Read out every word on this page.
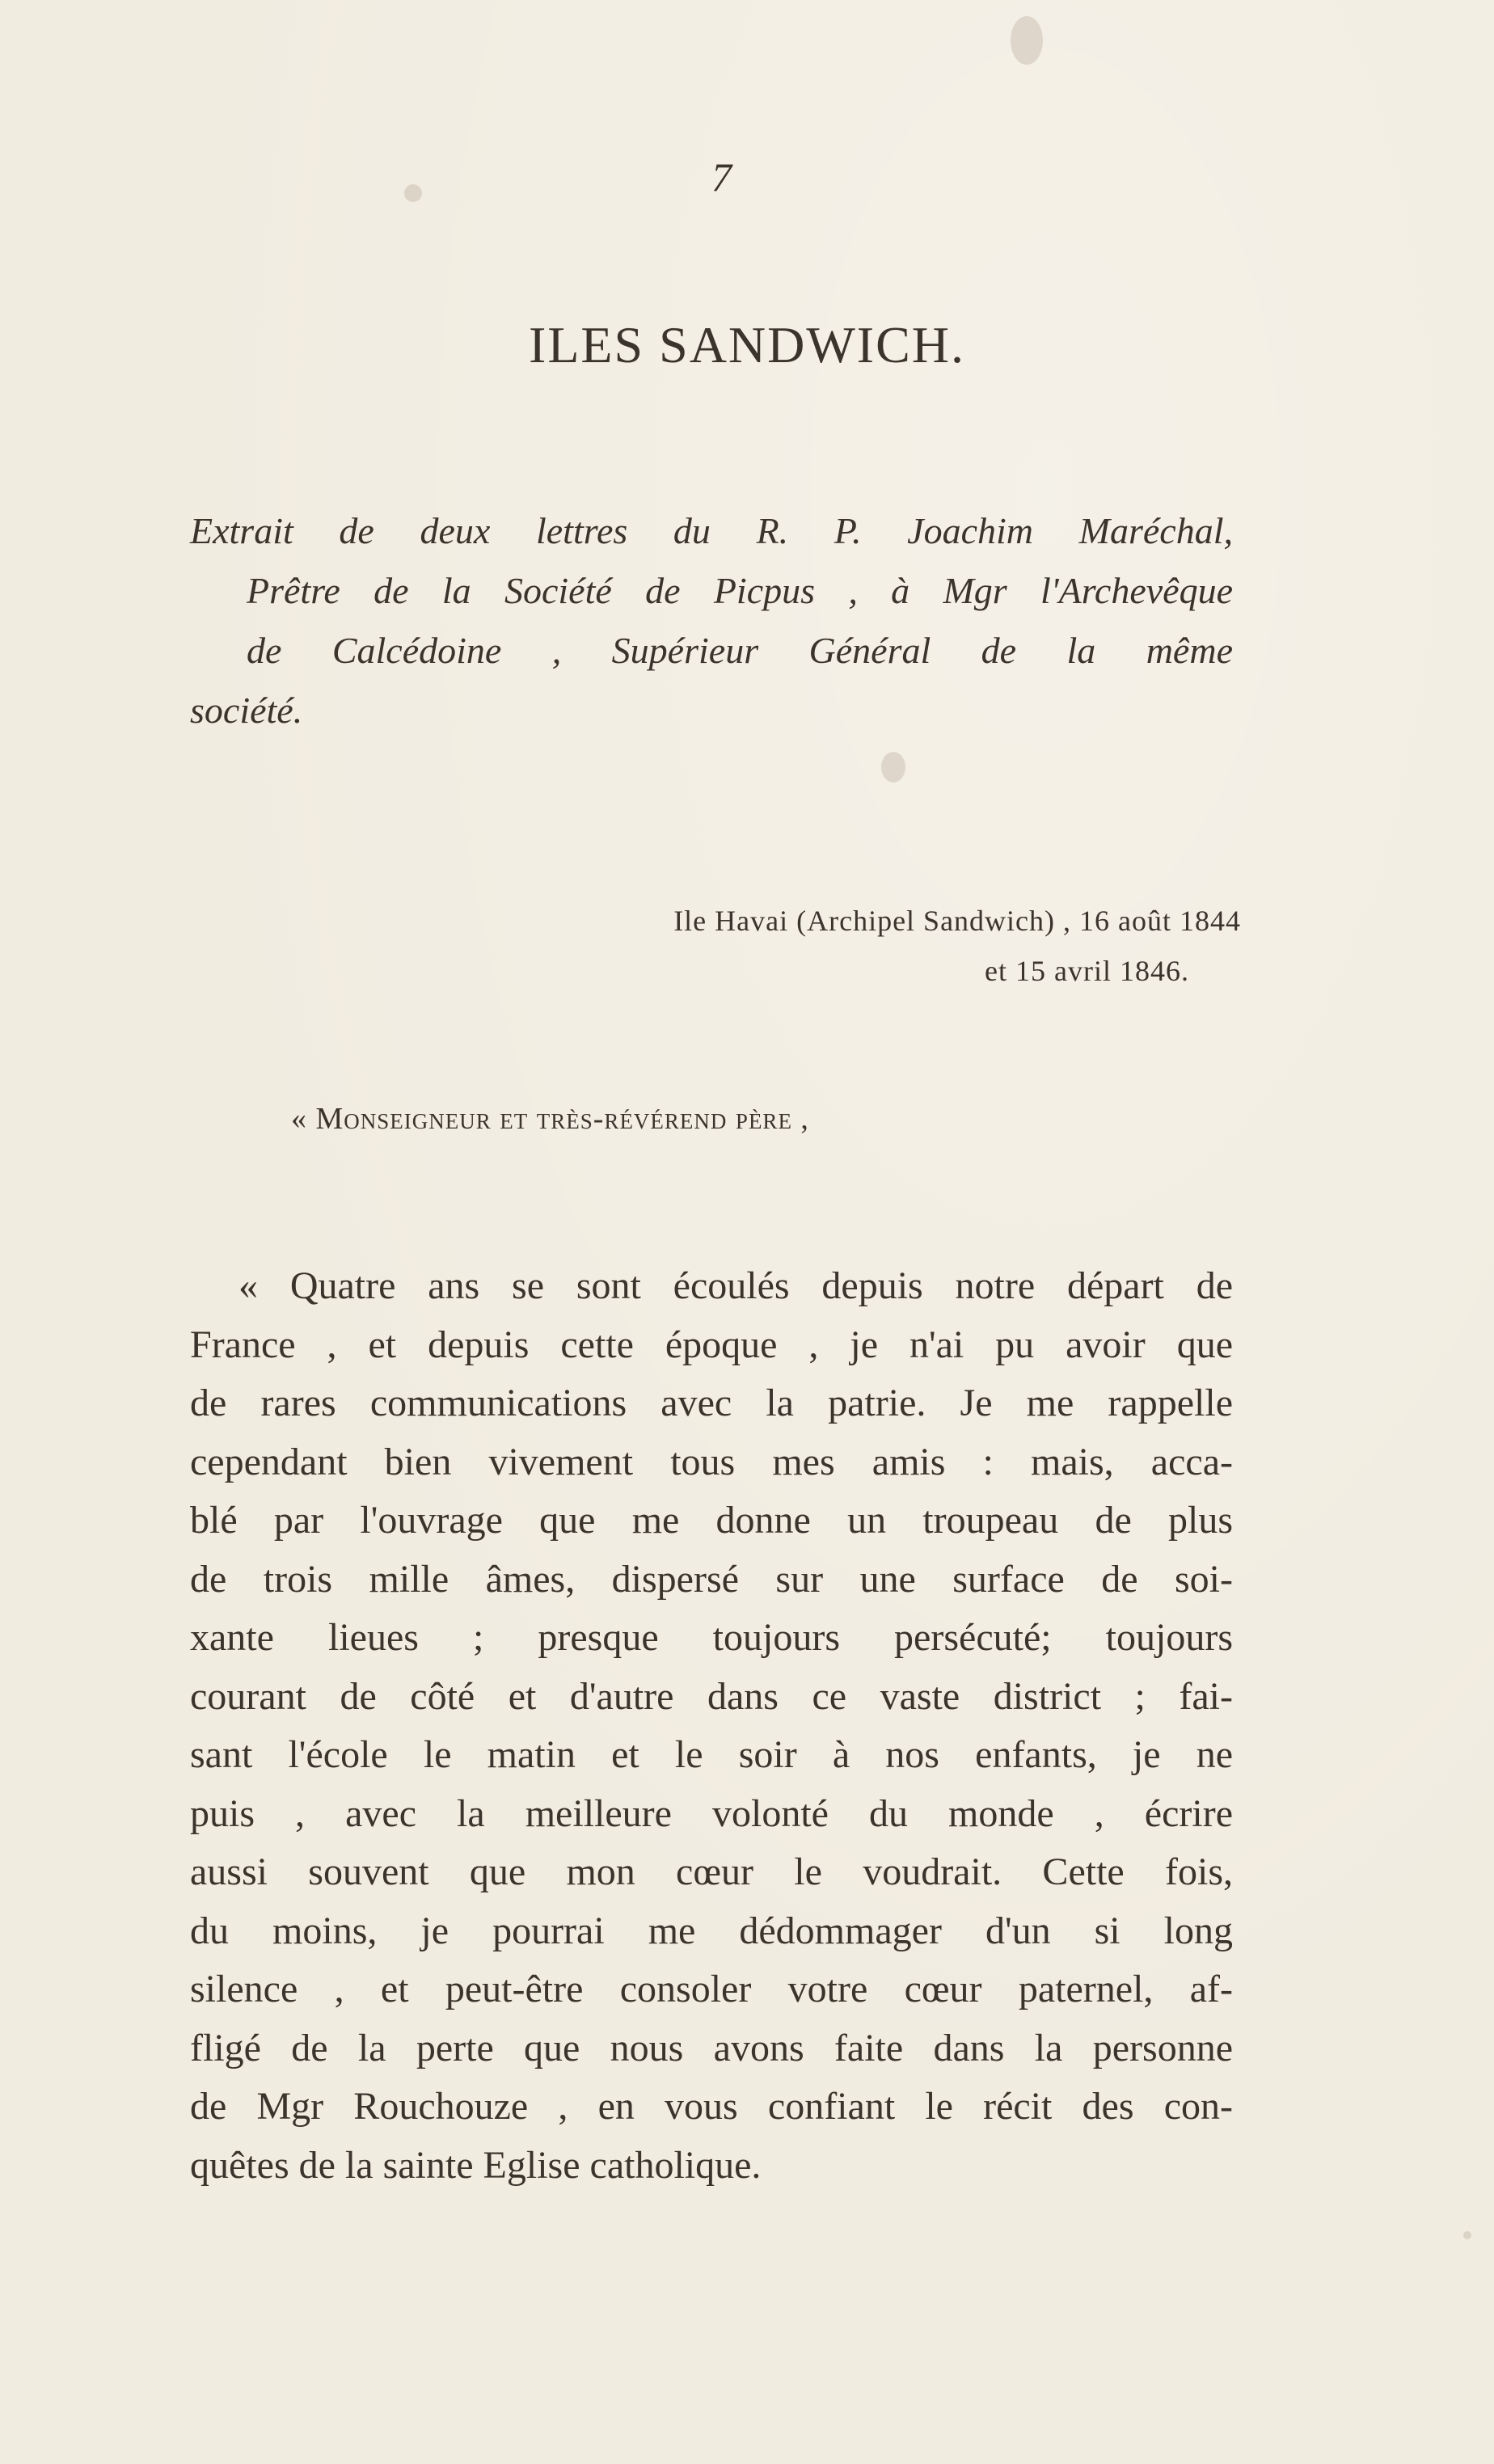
7
ILES SANDWICH.
Extrait de deux lettres du R. P. Joachim Maréchal,
Prêtre de la Société de Picpus , à Mgr l'Archevêque
de Calcédoine , Supérieur Général de la même
société.
Ile Havai (Archipel Sandwich) , 16 août 1844
et 15 avril 1846.
« Monseigneur et très-révérend père ,
« Quatre ans se sont écoulés depuis notre départ de
France , et depuis cette époque , je n'ai pu avoir que
de rares communications avec la patrie. Je me rappelle
cependant bien vivement tous mes amis : mais, acca-
blé par l'ouvrage que me donne un troupeau de plus
de trois mille âmes, dispersé sur une surface de soi-
xante lieues ; presque toujours persécuté; toujours
courant de côté et d'autre dans ce vaste district ; fai-
sant l'école le matin et le soir à nos enfants, je ne
puis , avec la meilleure volonté du monde , écrire
aussi souvent que mon cœur le voudrait. Cette fois,
du moins, je pourrai me dédommager d'un si long
silence , et peut-être consoler votre cœur paternel, af-
fligé de la perte que nous avons faite dans la personne
de Mgr Rouchouze , en vous confiant le récit des con-
quêtes de la sainte Eglise catholique.
